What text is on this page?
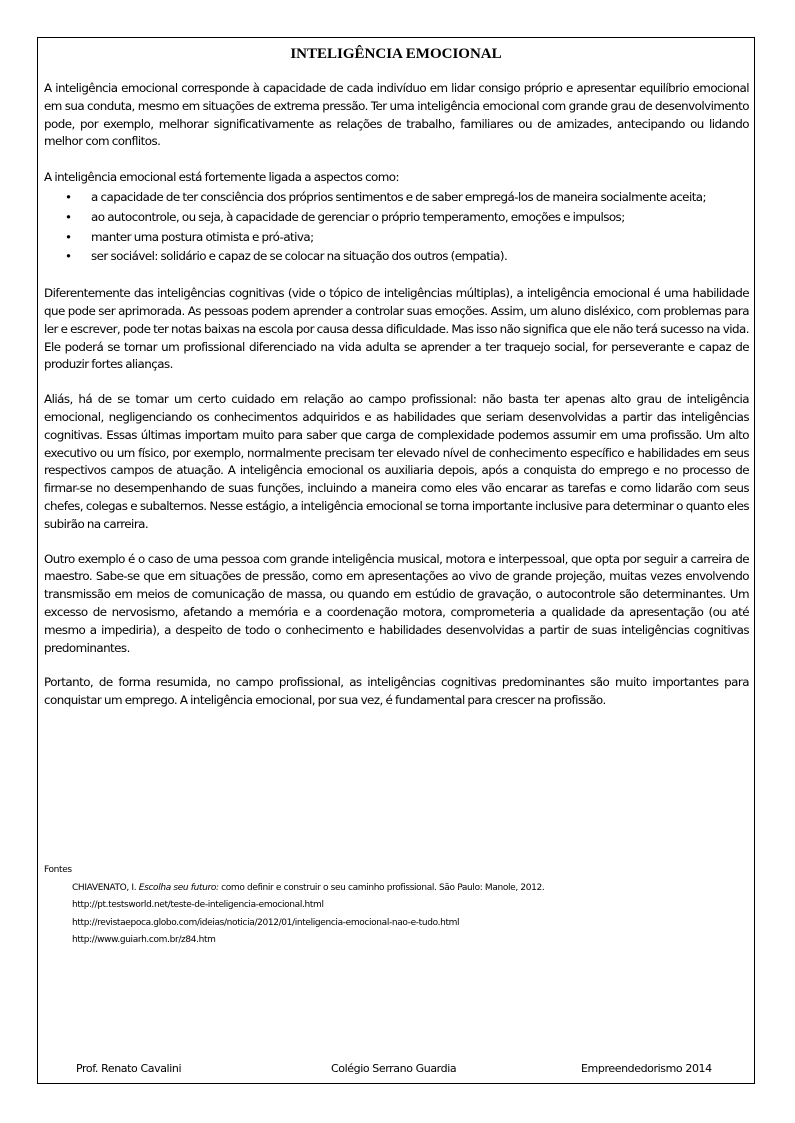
INTELIGÊNCIA EMOCIONAL

A inteligência emocional corresponde à capacidade de cada indivíduo em lidar consigo próprio e apresentar equilíbrio emocional em sua conduta, mesmo em situações de extrema pressão. Ter uma inteligência emocional com grande grau de desenvolvimento pode, por exemplo, melhorar significativamente as relações de trabalho, familiares ou de amizades, antecipando ou lidando melhor com conflitos.

A inteligência emocional está fortemente ligada a aspectos como:

• a capacidade de ter consciência dos próprios sentimentos e de saber empregá-los de maneira socialmente aceita;
• ao autocontrole, ou seja, à capacidade de gerenciar o próprio temperamento, emoções e impulsos;
• manter uma postura otimista e pró-ativa;
• ser sociável: solidário e capaz de se colocar na situação dos outros (empatia).

Diferentemente das inteligências cognitivas (vide o tópico de inteligências múltiplas), a inteligência emocional é uma habilidade que pode ser aprimorada. As pessoas podem aprender a controlar suas emoções. Assim, um aluno disléxico, com problemas para ler e escrever, pode ter notas baixas na escola por causa dessa dificuldade. Mas isso não significa que ele não terá sucesso na vida. Ele poderá se tornar um profissional diferenciado na vida adulta se aprender a ter traquejo social, for perseverante e capaz de produzir fortes alianças.

Aliás, há de se tomar um certo cuidado em relação ao campo profissional: não basta ter apenas alto grau de inteligência emocional, negligenciando os conhecimentos adquiridos e as habilidades que seriam desenvolvidas a partir das inteligências cognitivas. Essas últimas importam muito para saber que carga de complexidade podemos assumir em uma profissão. Um alto executivo ou um físico, por exemplo, normalmente precisam ter elevado nível de conhecimento específico e habilidades em seus respectivos campos de atuação. A inteligência emocional os auxiliaria depois, após a conquista do emprego e no processo de firmar-se no desempenhando de suas funções, incluindo a maneira como eles vão encarar as tarefas e como lidarão com seus chefes, colegas e subalternos. Nesse estágio, a inteligência emocional se torna importante inclusive para determinar o quanto eles subirão na carreira.

Outro exemplo é o caso de uma pessoa com grande inteligência musical, motora e interpessoal, que opta por seguir a carreira de maestro. Sabe-se que em situações de pressão, como em apresentações ao vivo de grande projeção, muitas vezes envolvendo transmissão em meios de comunicação de massa, ou quando em estúdio de gravação, o autocontrole são determinantes. Um excesso de nervosismo, afetando a memória e a coordenação motora, comprometeria a qualidade da apresentação (ou até mesmo a impediria), a despeito de todo o conhecimento e habilidades desenvolvidas a partir de suas inteligências cognitivas predominantes.

Portanto, de forma resumida, no campo profissional, as inteligências cognitivas predominantes são muito importantes para conquistar um emprego. A inteligência emocional, por sua vez, é fundamental para crescer na profissão.

Fontes
CHIAVENATO, I. Escolha seu futuro: como definir e construir o seu caminho profissional. São Paulo: Manole, 2012.
http://pt.testsworld.net/teste-de-inteligencia-emocional.html
http://revistaepoca.globo.com/ideias/noticia/2012/01/inteligencia-emocional-nao-e-tudo.html
http://www.guiarh.com.br/z84.htm
Prof. Renato Cavalini	Colégio Serrano Guardia	Empreendedorismo 2014
